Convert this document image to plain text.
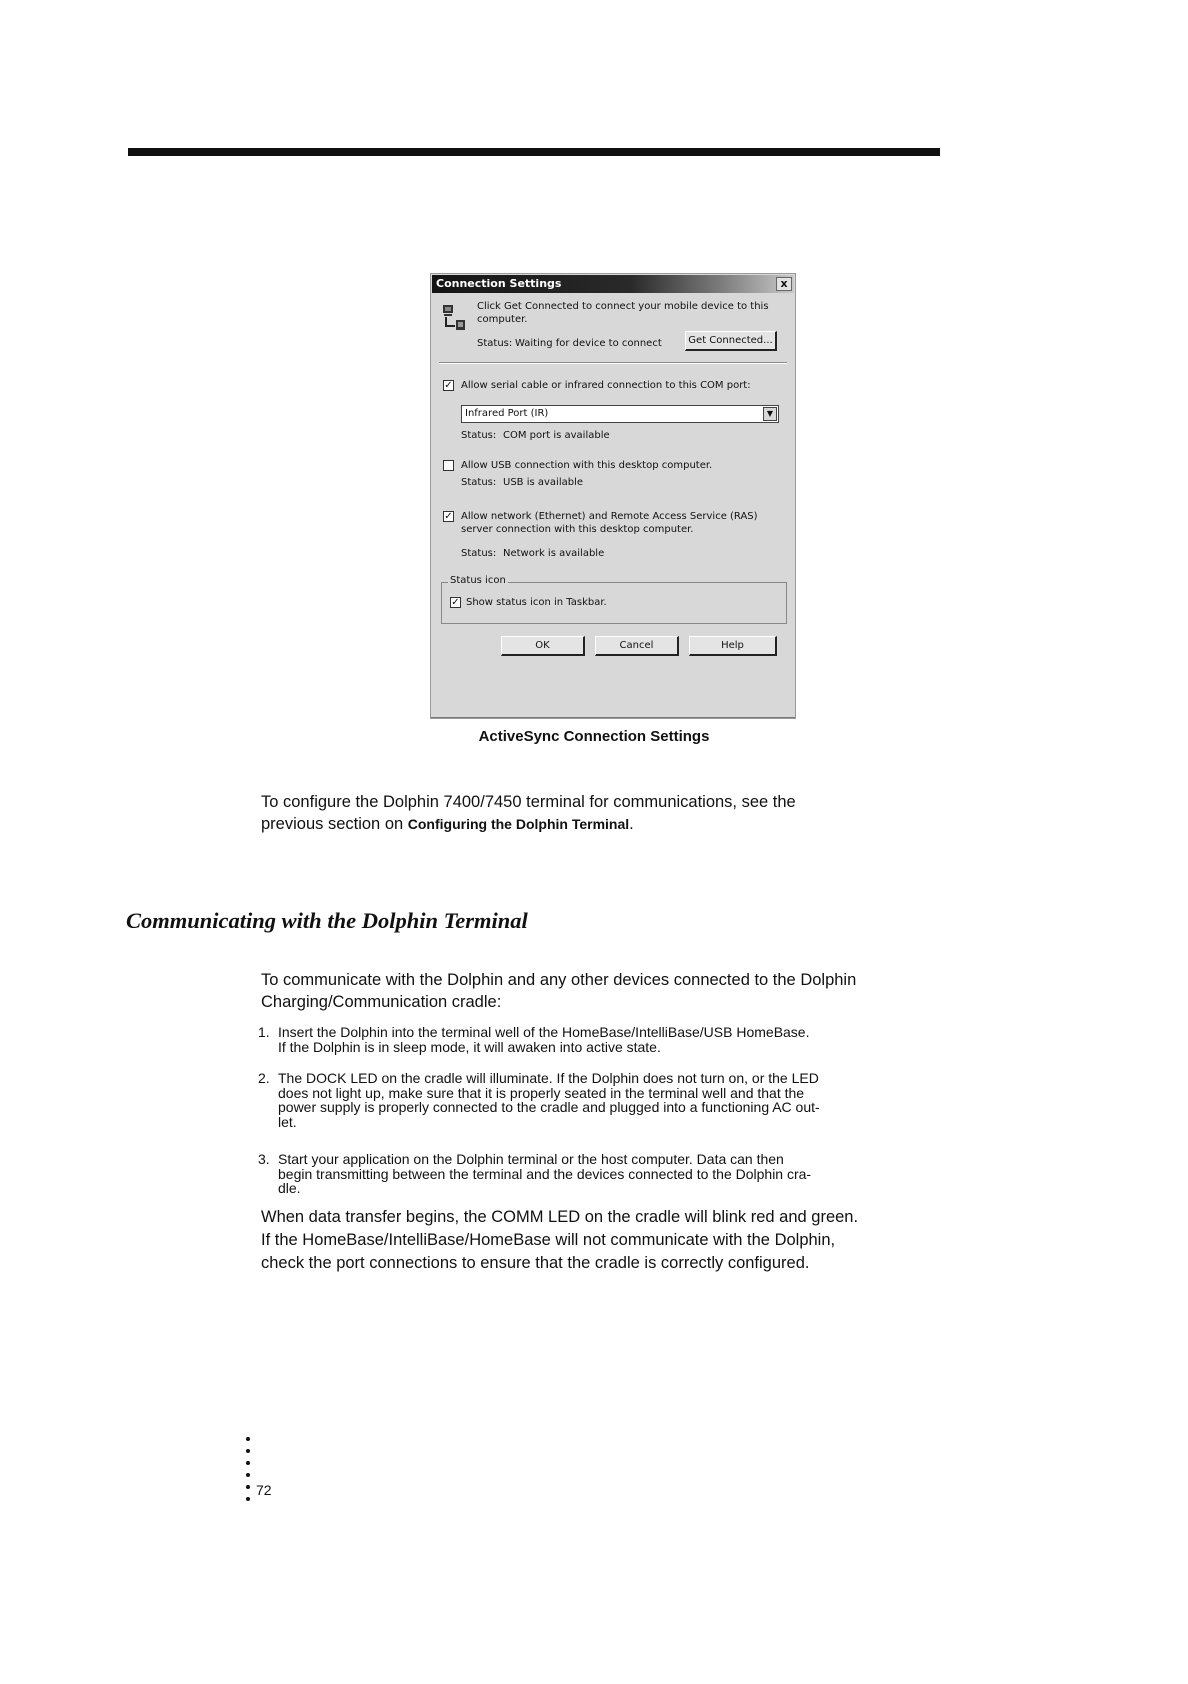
Connection Settings	x
Click Get Connected to connect your mobile device to this
computer.
Status: Waiting for device to connect	Get Connected...
✓ Allow serial cable or infrared connection to this COM port:
Infrared Port (IR)	▼
Status: COM port is available
Allow USB connection with this desktop computer.
Status: USB is available
✓ Allow network (Ethernet) and Remote Access Service (RAS)
server connection with this desktop computer.
Status: Network is available
Status icon
✓ Show status icon in Taskbar.
OK	Cancel	Help
ActiveSync Connection Settings
To configure the Dolphin 7400/7450 terminal for communications, see the
previous section on Configuring the Dolphin Terminal.
Communicating with the Dolphin Terminal
To communicate with the Dolphin and any other devices connected to the Dolphin
Charging/Communication cradle:
1. Insert the Dolphin into the terminal well of the HomeBase/IntelliBase/USB HomeBase.
If the Dolphin is in sleep mode, it will awaken into active state.
2. The DOCK LED on the cradle will illuminate. If the Dolphin does not turn on, or the LED
does not light up, make sure that it is properly seated in the terminal well and that the
power supply is properly connected to the cradle and plugged into a functioning AC out-
let.
3. Start your application on the Dolphin terminal or the host computer. Data can then
begin transmitting between the terminal and the devices connected to the Dolphin cra-
dle.
When data transfer begins, the COMM LED on the cradle will blink red and green.
If the HomeBase/IntelliBase/HomeBase will not communicate with the Dolphin,
check the port connections to ensure that the cradle is correctly configured.
72
